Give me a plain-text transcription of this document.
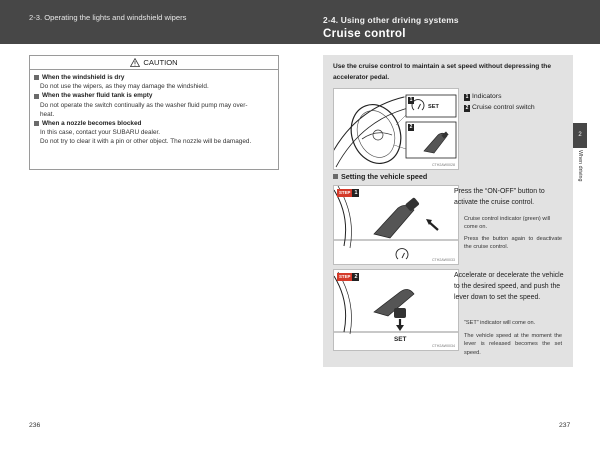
2-3. Operating the lights and windshield wipers	2-4. Using other driving systems
Cruise control
CAUTION
When the windshield is dry
Do not use the wipers, as they may damage the windshield.
When the washer fluid tank is empty
Do not operate the switch continually as the washer fluid pump may over-
heat.
When a nozzle becomes blocked
In this case, contact your SUBARU dealer.
Do not try to clear it with a pin or other object. The nozzle will be damaged.
236
Use the cruise control to maintain a set speed without depressing the accelerator pedal.
1
SET
2
CTH2AW0028
1 Indicators
2 Cruise control switch
Setting the vehicle speed
STEP 1
CTH2AW0033
Press the “ON-OFF” button to activate the cruise control.
Cruise control indicator (green) will come on.
Press the button again to deactivate the cruise control.
STEP 2
SET
CTH2AW0034
Accelerate or decelerate the vehicle to the desired speed, and push the lever down to set the speed.
“SET” indicator will come on.
The vehicle speed at the moment the lever is released becomes the set speed.
2
When driving
237
